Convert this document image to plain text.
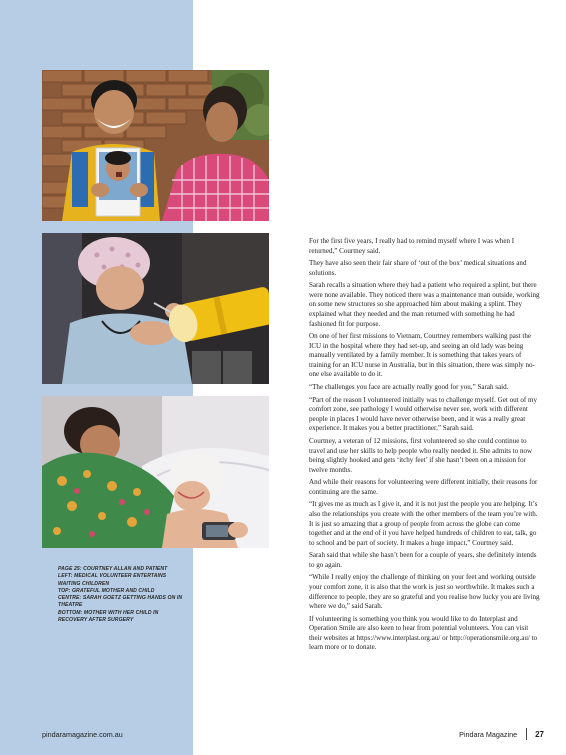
PAGE 25: COURTNEY ALLAN AND PATIENT

LEFT: MEDICAL VOLUNTEER ENTERTAINS WAITING CHILDREN

TOP: GRATEFUL MOTHER AND CHILD

CENTRE: SARAH GOETZ GETTING HANDS ON IN THEATRE

BOTTOM: MOTHER WITH HER CHILD IN RECOVERY AFTER SURGERY

For the first five years, I really had to remind myself where I was when I returned,” Courtney said.

They have also seen their fair share of ‘out of the box’ medical situations and solutions.

Sarah recalls a situation where they had a patient who required a splint, but there were none available. They noticed there was a maintenance man outside, working on some new structures so she approached him about making a splint. They explained what they needed and the man returned with something he had fashioned fit for purpose.

On one of her first missions to Vietnam, Courtney remembers walking past the ICU in the hospital where they had set-up, and seeing an old lady was being manually ventilated by a family member. It is something that takes years of training for an ICU nurse in Australia, but in this situation, there was simply no-one else available to do it.

“The challenges you face are actually really good for you,” Sarah said.

“Part of the reason I volunteered initially was to challenge myself. Get out of my comfort zone, see pathology I would otherwise never see, work with different people in places I would have never otherwise been, and it was a really great experience. It makes you a better practitioner,” Sarah said.

Courtney, a veteran of 12 missions, first volunteered so she could continue to travel and use her skills to help people who really needed it. She admits to now being slightly hooked and gets ‘itchy feet’ if she hasn’t been on a mission for twelve months.

And while their reasons for volunteering were different initially, their reasons for continuing are the same.

“It gives me as much as I give it, and it is not just the people you are helping. It’s also the relationships you create with the other members of the team you’re with. It is just so amazing that a group of people from across the globe can come together and at the end of it you have helped hundreds of children to eat, talk, go to school and be part of society. It makes a huge impact,” Courtney said.

Sarah said that while she hasn’t been for a couple of years, she definitely intends to go again.

“While I really enjoy the challenge of thinking on your feet and working outside your comfort zone, it is also that the work is just so worthwhile. It makes such a difference to people, they are so grateful and you realise how lucky you are living where we do,” said Sarah.

If volunteering is something you think you would like to do Interplast and Operation Smile are also keen to hear from potential volunteers. You can visit their websites at https://www.interplast.org.au/ or http://operationsmile.org.au/ to learn more or to donate.

pindaramagazine.com.au	Pindara Magazine 27
